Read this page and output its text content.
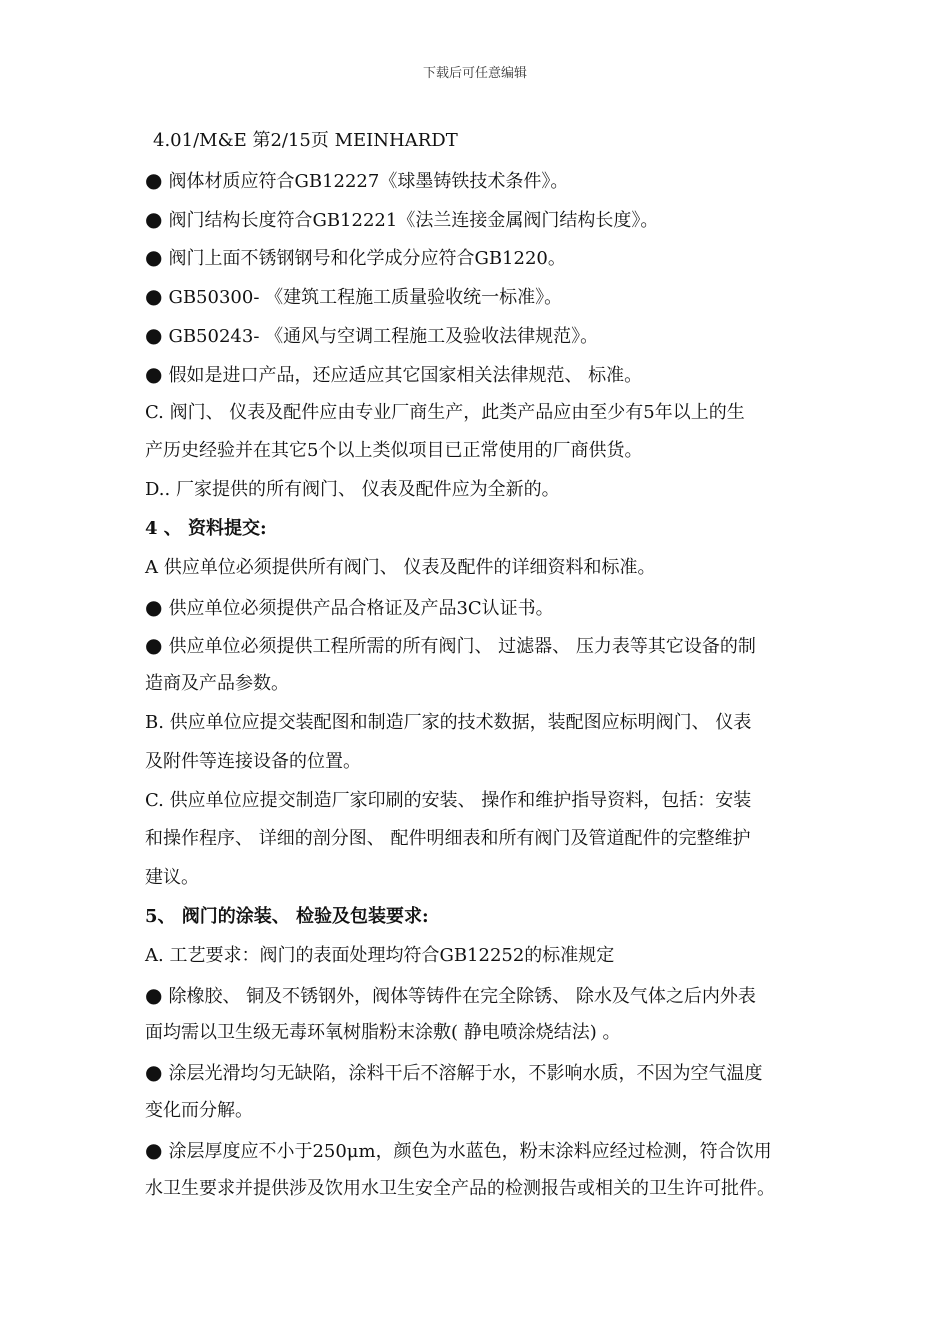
下载后可任意编辑
4.01/M&E 第2/15页 MEINHARDT
● 阀体材质应符合GB12227《球墨铸铁技术条件》。
● 阀门结构长度符合GB12221《法兰连接金属阀门结构长度》。
● 阀门上面不锈钢钢号和化学成分应符合GB1220。
● GB50300- 《建筑工程施工质量验收统一标准》。
● GB50243- 《通风与空调工程施工及验收法律规范》。
● 假如是进口产品，还应适应其它国家相关法律规范、 标准。
C. 阀门、 仪表及配件应由专业厂商生产，此类产品应由至少有5年以上的生
产历史经验并在其它5个以上类似项目已正常使用的厂商供货。
D.. 厂家提供的所有阀门、 仪表及配件应为全新的。
4 、 资料提交:
A 供应单位必须提供所有阀门、 仪表及配件的详细资料和标准。
● 供应单位必须提供产品合格证及产品3C认证书。
● 供应单位必须提供工程所需的所有阀门、 过滤器、 压力表等其它设备的制
造商及产品参数。
B. 供应单位应提交装配图和制造厂家的技术数据，装配图应标明阀门、 仪表
及附件等连接设备的位置。
C. 供应单位应提交制造厂家印刷的安装、 操作和维护指导资料，包括：安装
和操作程序、 详细的剖分图、 配件明细表和所有阀门及管道配件的完整维护
建议。
5、 阀门的涂装、 检验及包装要求:
A. 工艺要求：阀门的表面处理均符合GB12252的标准规定
● 除橡胶、 铜及不锈钢外，阀体等铸件在完全除锈、 除水及气体之后内外表
面均需以卫生级无毒环氧树脂粉末涂敷( 静电喷涂烧结法) 。
● 涂层光滑均匀无缺陷，涂料干后不溶解于水，不影响水质，不因为空气温度
变化而分解。
● 涂层厚度应不小于250μm，颜色为水蓝色，粉末涂料应经过检测，符合饮用
水卫生要求并提供涉及饮用水卫生安全产品的检测报告或相关的卫生许可批件。
